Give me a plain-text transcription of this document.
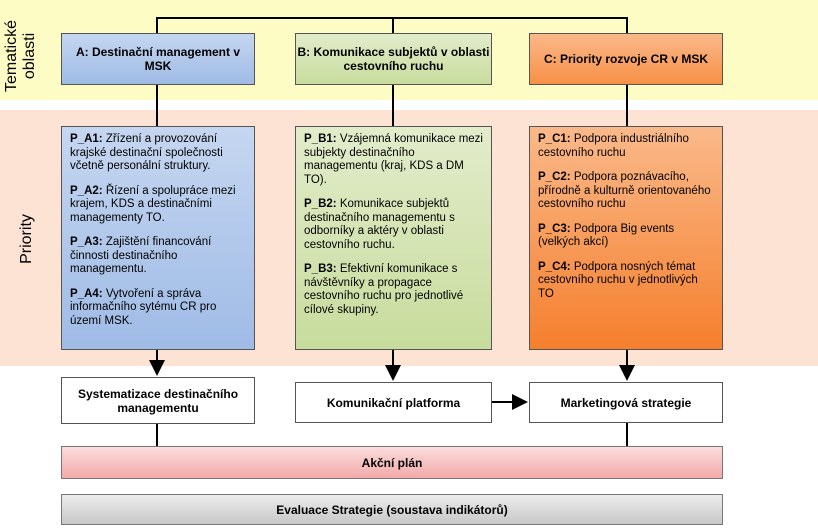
Tematické
oblasti
Priority
A: Destinační management v MSK
B: Komunikace subjektů v oblasti cestovního ruchu	C: Priority rozvoje CR v MSK

P_A1: Zřízení a provozování krajské destinační společnosti včetně personální struktury.

P_A2: Řízení a spolupráce mezi krajem, KDS a destinačními managementy TO.

P_A3: Zajištění financování činnosti destinačního managementu.

P_A4: Vytvoření a správa informačního sytému CR pro území MSK.

P_B1: Vzájemná komunikace mezi subjekty destinačního managementu (kraj, KDS a DM TO).

P_B2: Komunikace subjektů destinačního managementu s odborníky a aktéry v oblasti cestovního ruchu.

P_B3: Efektivní komunikace s návštěvníky a propagace cestovního ruchu pro jednotlivé cílové skupiny.

P_C1: Podpora industriálního cestovního ruchu

P_C2: Podpora poznávacího, přírodně a kulturně orientovaného cestovního ruchu

P_C3: Podpora Big events (velkých akcí)

P_C4: Podpora nosných témat cestovního ruchu v jednotlivých TO

Systematizace destinačního managementu	Komunikační platforma	Marketingová strategie
Akční plán
Evaluace Strategie (soustava indikátorů)
